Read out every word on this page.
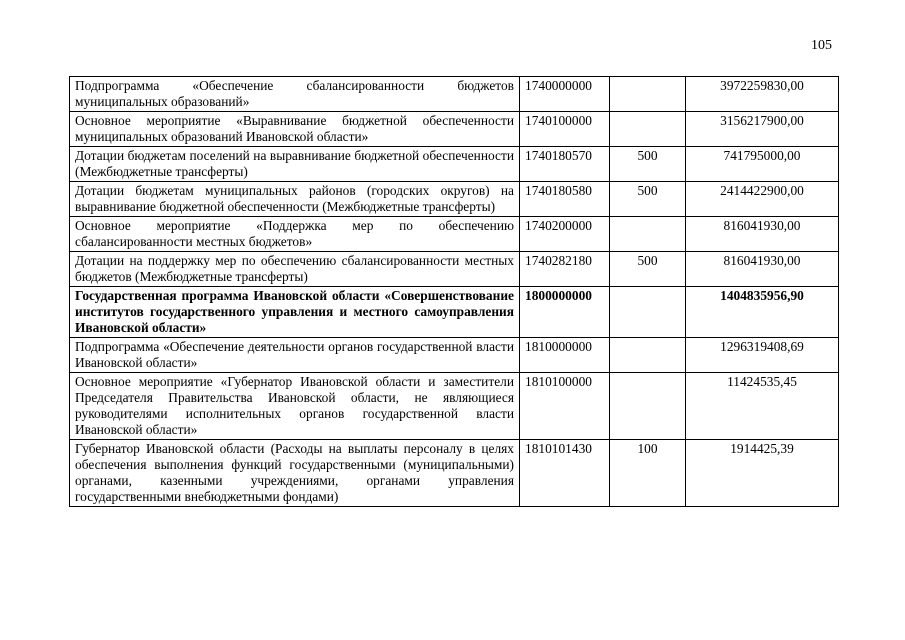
105
Подпрограмма «Обеспечение сбалансированности бюджетов муниципальных образований»	1740000000		3972259830,00
Основное мероприятие «Выравнивание бюджетной обеспеченности муниципальных образований Ивановской области»	1740100000		3156217900,00
Дотации бюджетам поселений на выравнивание бюджетной обеспеченности (Межбюджетные трансферты)	1740180570	500	741795000,00
Дотации бюджетам муниципальных районов (городских округов) на выравнивание бюджетной обеспеченности (Межбюджетные трансферты)	1740180580	500	2414422900,00
Основное мероприятие «Поддержка мер по обеспечению сбалансированности местных бюджетов»	1740200000		816041930,00
Дотации на поддержку мер по обеспечению сбалансированности местных бюджетов (Межбюджетные трансферты)	1740282180	500	816041930,00
Государственная программа Ивановской области «Совершенствование институтов государственного управления и местного самоуправления Ивановской области»	1800000000		1404835956,90
Подпрограмма «Обеспечение деятельности органов государственной власти Ивановской области»	1810000000		1296319408,69
Основное мероприятие «Губернатор Ивановской области и заместители Председателя Правительства Ивановской области, не являющиеся руководителями исполнительных органов государственной власти Ивановской области»	1810100000		11424535,45
Губернатор Ивановской области (Расходы на выплаты персоналу в целях обеспечения выполнения функций государственными (муниципальными) органами, казенными учреждениями, органами управления государственными внебюджетными фондами)	1810101430	100	1914425,39
